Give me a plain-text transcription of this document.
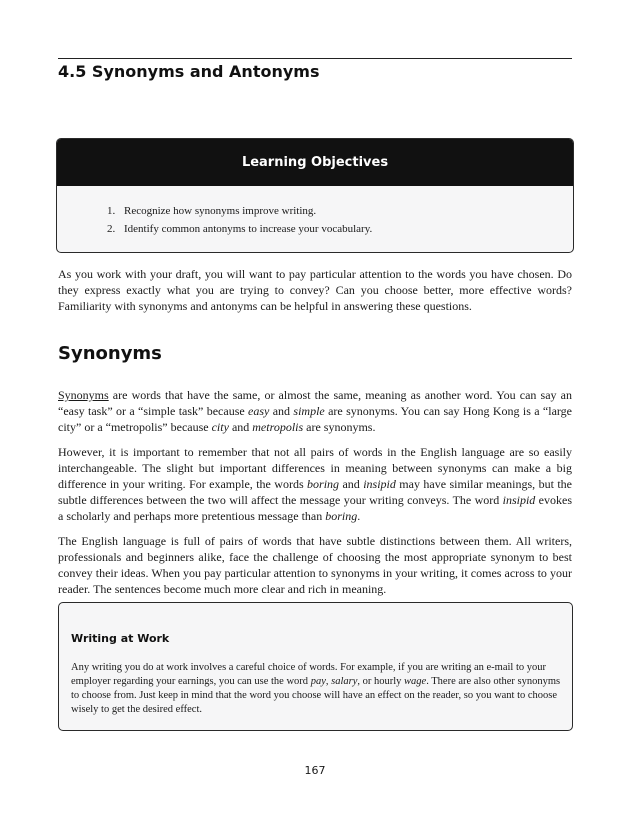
4.5 Synonyms and Antonyms
Learning Objectives
1. Recognize how synonyms improve writing.
2. Identify common antonyms to increase your vocabulary.

As you work with your draft, you will want to pay particular attention to the words you have chosen. Do they express exactly what you are trying to convey? Can you choose better, more effective words? Familiarity with synonyms and antonyms can be helpful in answering these questions.

Synonyms

Synonyms are words that have the same, or almost the same, meaning as another word. You can say an “easy task” or a “simple task” because easy and simple are synonyms. You can say Hong Kong is a “large city” or a “metropolis” because city and metropolis are synonyms.

However, it is important to remember that not all pairs of words in the English language are so easily interchangeable. The slight but important differences in meaning between synonyms can make a big difference in your writing. For example, the words boring and insipid may have similar meanings, but the subtle differences between the two will affect the message your writing conveys. The word insipid evokes a scholarly and perhaps more pretentious message than boring.

The English language is full of pairs of words that have subtle distinctions between them. All writers, professionals and beginners alike, face the challenge of choosing the most appropriate synonym to best convey their ideas. When you pay particular attention to synonyms in your writing, it comes across to your reader. The sentences become much more clear and rich in meaning.

Writing at Work

Any writing you do at work involves a careful choice of words. For example, if you are writing an e-mail to your employer regarding your earnings, you can use the word pay, salary, or hourly wage. There are also other synonyms to choose from. Just keep in mind that the word you choose will have an effect on the reader, so you want to choose wisely to get the desired effect.

167
